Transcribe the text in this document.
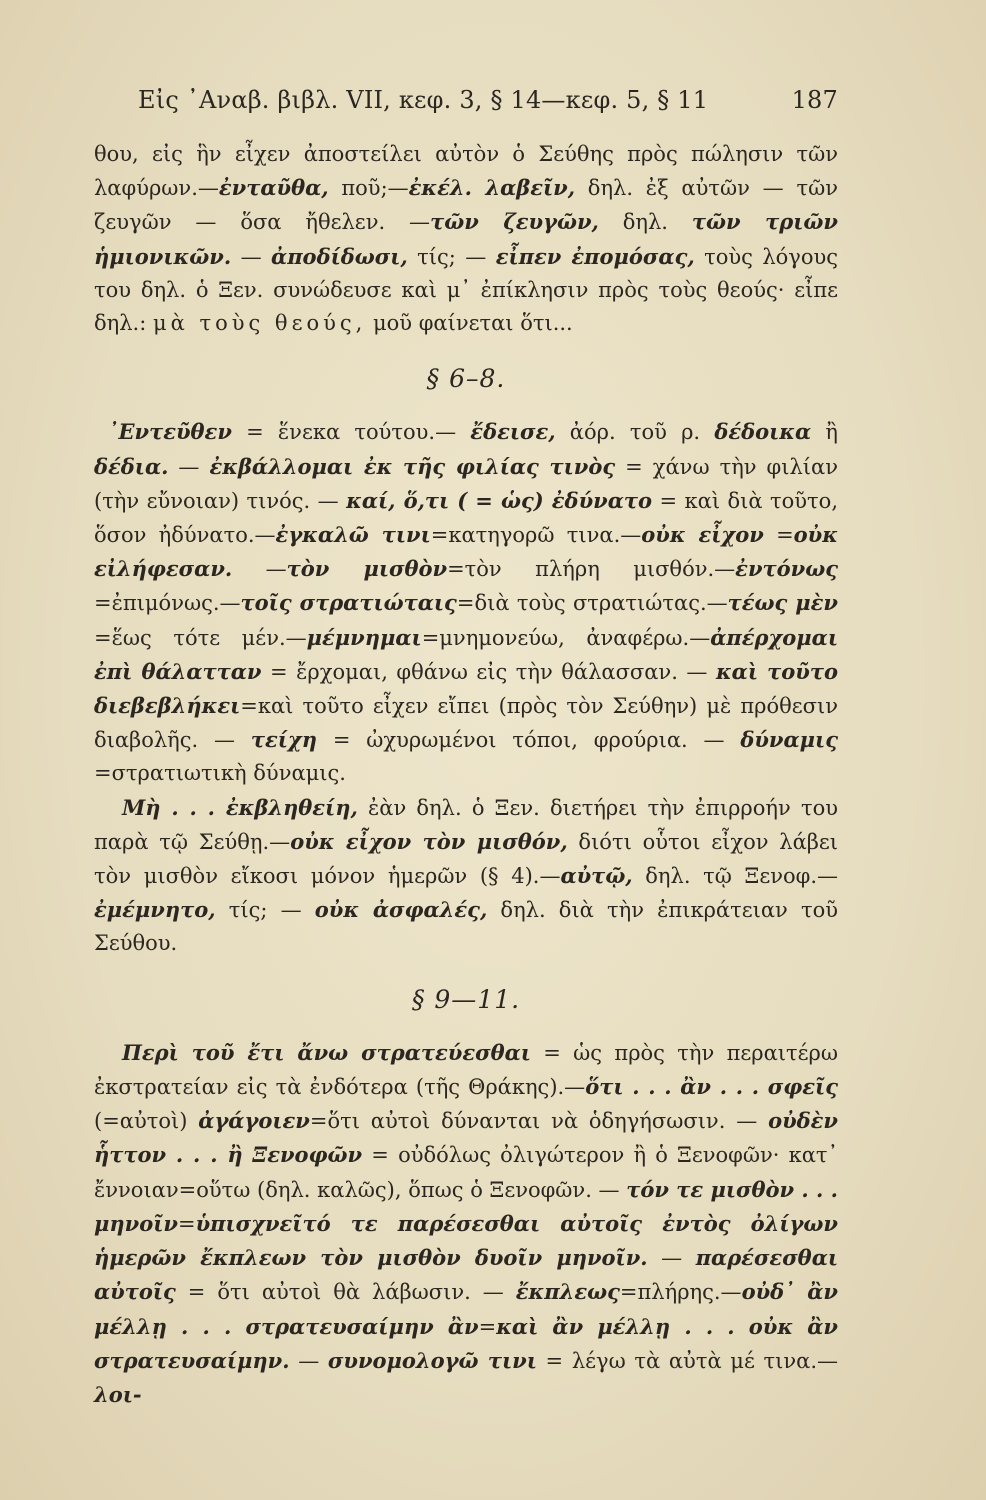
Εἰς ᾽Αναβ. βιβλ. VII, κεφ. 3, § 14—κεφ. 5, § 11	187

θου, εἰς ἣν εἶχεν ἀποστείλει αὐτὸν ὁ Σεύθης πρὸς πώλησιν τῶν λαφύρων.—ἐνταῦθα, ποῦ;—ἐκέλ. λαβεῖν, δηλ. ἐξ αὐτῶν — τῶν ζευγῶν — ὅσα ἤθελεν. —τῶν ζευγῶν, δηλ. τῶν τριῶν ἡμιονικῶν. — ἀποδίδωσι, τίς; — εἶπεν ἐπομόσας, τοὺς λόγους του δηλ. ὁ Ξεν. συνώδευσε καὶ μ᾽ ἐπίκλησιν πρὸς τοὺς θεούς· εἶπε δηλ.: μὰ τοὺς θεούς, μοῦ φαίνεται ὅτι...

§ 6–8.

᾽Εντεῦθεν = ἕνεκα τούτου.— ἔδεισε, ἀόρ. τοῦ ρ. δέδοικα ἢ δέδια. — ἐκβάλλομαι ἐκ τῆς φιλίας τινὸς = χάνω τὴν φιλίαν (τὴν εὔνοιαν) τινός. — καί, ὅ,τι ( = ὡς) ἐδύνατο = καὶ διὰ τοῦτο, ὅσον ἠδύνατο.—ἐγκαλῶ τινι=κατηγορῶ τινα.—οὐκ εἶχον =οὐκ εἰλήφεσαν. —τὸν μισθὸν=τὸν πλήρη μισθόν.—ἐντόνως =ἐπιμόνως.—τοῖς στρατιώταις=διὰ τοὺς στρατιώτας.—τέως μὲν =ἕως τότε μέν.—μέμνημαι=μνημονεύω, ἀναφέρω.—ἀπέρχομαι ἐπὶ θάλατταν = ἔρχομαι, φθάνω εἰς τὴν θάλασσαν. — καὶ τοῦτο διεβεβλήκει=καὶ τοῦτο εἶχεν εἴπει (πρὸς τὸν Σεύθην) μὲ πρόθεσιν διαβολῆς. — τείχη = ὠχυρωμένοι τόποι, φρούρια. — δύναμις =στρατιωτικὴ δύναμις.

Μὴ . . . ἐκβληθείη, ἐὰν δηλ. ὁ Ξεν. διετήρει τὴν ἐπιρροήν του παρὰ τῷ Σεύθῃ.—οὐκ εἶχον τὸν μισθόν, διότι οὗτοι εἶχον λάβει τὸν μισθὸν εἴκοσι μόνον ἡμερῶν (§ 4).—αὐτῷ, δηλ. τῷ Ξενοφ.— ἐμέμνητο, τίς; — οὐκ ἀσφαλές, δηλ. διὰ τὴν ἐπικράτειαν τοῦ Σεύθου.

§ 9—11.

Περὶ τοῦ ἔτι ἄνω στρατεύεσθαι = ὡς πρὸς τὴν περαιτέρω ἐκστρατείαν εἰς τὰ ἐνδότερα (τῆς Θράκης).—ὅτι . . . ἂν . . . σφεῖς (=αὐτοὶ) ἀγάγοιεν=ὅτι αὐτοὶ δύνανται νὰ ὁδηγήσωσιν. — οὐδὲν ἧττον . . . ἢ Ξενοφῶν = οὐδόλως ὀλιγώτερον ἢ ὁ Ξενοφῶν· κατ᾽ ἔννοιαν=οὕτω (δηλ. καλῶς), ὅπως ὁ Ξενοφῶν. — τόν τε μισθὸν . . . μηνοῖν=ὑπισχνεῖτό τε παρέσεσθαι αὐτοῖς ἐντὸς ὀλίγων ἡμερῶν ἔκπλεων τὸν μισθὸν δυοῖν μηνοῖν. — παρέσεσθαι αὐτοῖς = ὅτι αὐτοὶ θὰ λάβωσιν. — ἔκπλεως=πλήρης.—οὐδ᾽ ἂν μέλλῃ . . . στρατευσαίμην ἂν=καὶ ἂν μέλλῃ . . . οὐκ ἂν στρατευσαίμην. — συνομολογῶ τινι = λέγω τὰ αὐτὰ μέ τινα.—λοι-
